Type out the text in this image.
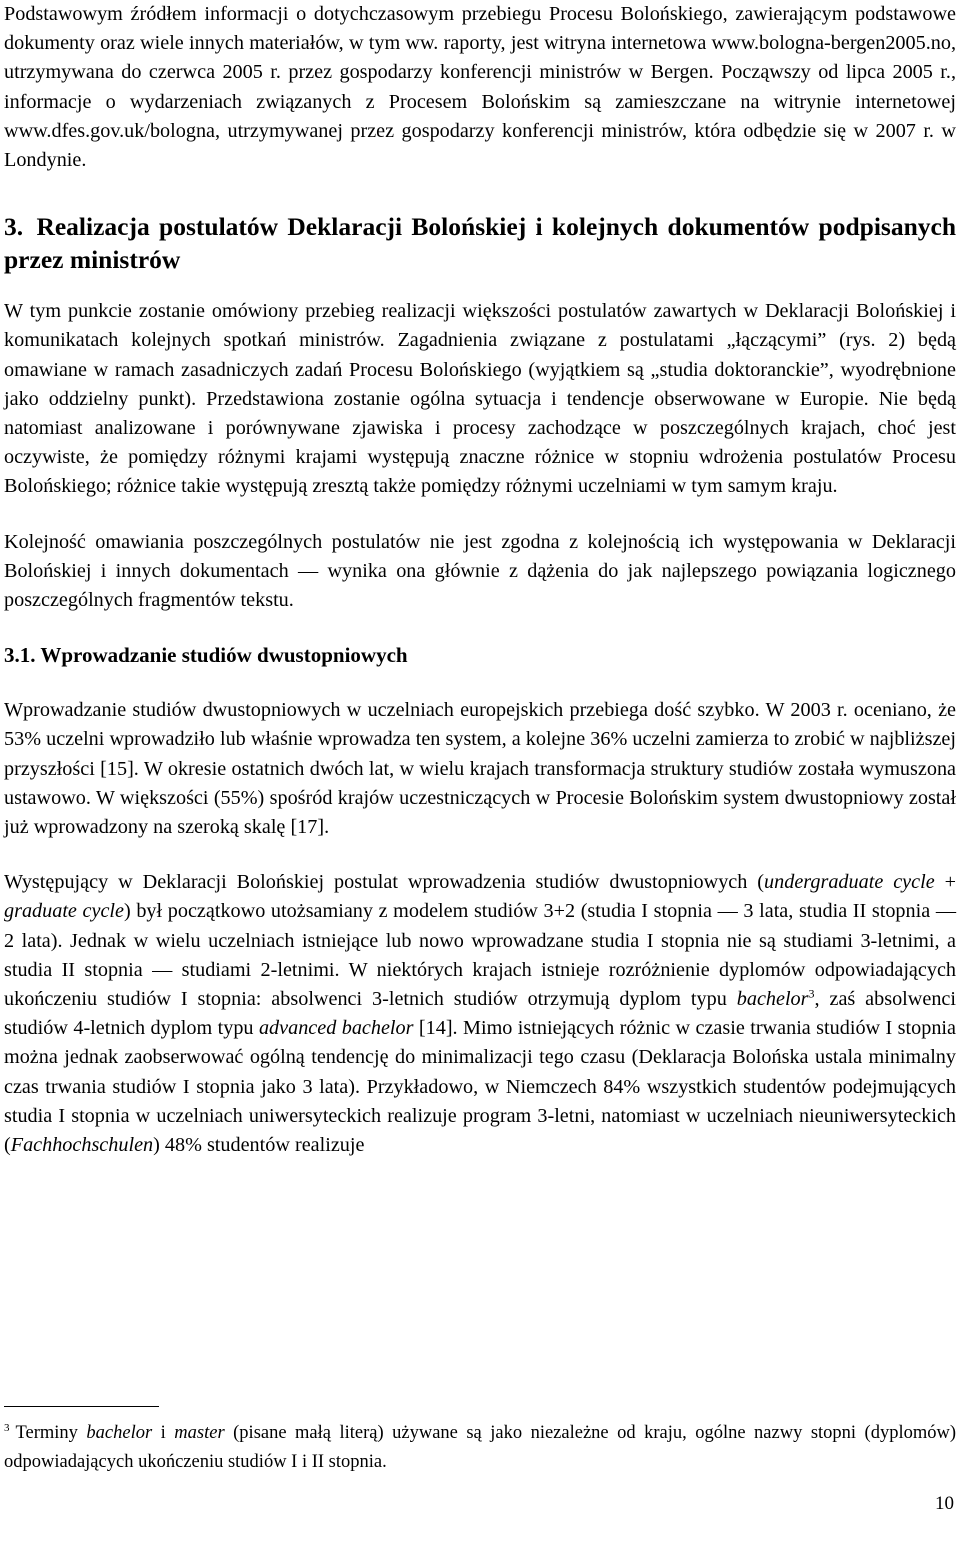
Podstawowym źródłem informacji o dotychczasowym przebiegu Procesu Bolońskiego, zawierającym podstawowe dokumenty oraz wiele innych materiałów, w tym ww. raporty, jest witryna internetowa www.bologna-bergen2005.no, utrzymywana do czerwca 2005 r. przez gospodarzy konferencji ministrów w Bergen. Począwszy od lipca 2005 r., informacje o wydarzeniach związanych z Procesem Bolońskim są zamieszczane na witrynie internetowej www.dfes.gov.uk/bologna, utrzymywanej przez gospodarzy konferencji ministrów, która odbędzie się w 2007 r. w Londynie.

3. Realizacja postulatów Deklaracji Bolońskiej i kolejnych dokumentów podpisanych przez ministrów

W tym punkcie zostanie omówiony przebieg realizacji większości postulatów zawartych w Deklaracji Bolońskiej i komunikatach kolejnych spotkań ministrów. Zagadnienia związane z postulatami „łączącymi” (rys. 2) będą omawiane w ramach zasadniczych zadań Procesu Bolońskiego (wyjątkiem są „studia doktoranckie”, wyodrębnione jako oddzielny punkt). Przedstawiona zostanie ogólna sytuacja i tendencje obserwowane w Europie. Nie będą natomiast analizowane i porównywane zjawiska i procesy zachodzące w poszczególnych krajach, choć jest oczywiste, że pomiędzy różnymi krajami występują znaczne różnice w stopniu wdrożenia postulatów Procesu Bolońskiego; różnice takie występują zresztą także pomiędzy różnymi uczelniami w tym samym kraju.

Kolejność omawiania poszczególnych postulatów nie jest zgodna z kolejnością ich występowania w Deklaracji Bolońskiej i innych dokumentach — wynika ona głównie z dążenia do jak najlepszego powiązania logicznego poszczególnych fragmentów tekstu.

3.1. Wprowadzanie studiów dwustopniowych

Wprowadzanie studiów dwustopniowych w uczelniach europejskich przebiega dość szybko. W 2003 r. oceniano, że 53% uczelni wprowadziło lub właśnie wprowadza ten system, a kolejne 36% uczelni zamierza to zrobić w najbliższej przyszłości [15]. W okresie ostatnich dwóch lat, w wielu krajach transformacja struktury studiów została wymuszona ustawowo. W większości (55%) spośród krajów uczestniczących w Procesie Bolońskim system dwustopniowy został już wprowadzony na szeroką skalę [17].

Występujący w Deklaracji Bolońskiej postulat wprowadzenia studiów dwustopniowych (undergraduate cycle + graduate cycle) był początkowo utożsamiany z modelem studiów 3+2 (studia I stopnia — 3 lata, studia II stopnia — 2 lata). Jednak w wielu uczelniach istniejące lub nowo wprowadzane studia I stopnia nie są studiami 3-letnimi, a studia II stopnia — studiami 2-letnimi. W niektórych krajach istnieje rozróżnienie dyplomów odpowiadających ukończeniu studiów I stopnia: absolwenci 3-letnich studiów otrzymują dyplom typu bachelor$^3$, zaś absolwenci studiów 4-letnich dyplom typu advanced bachelor [14]. Mimo istniejących różnic w czasie trwania studiów I stopnia można jednak zaobserwować ogólną tendencję do minimalizacji tego czasu (Deklaracja Bolońska ustala minimalny czas trwania studiów I stopnia jako 3 lata). Przykładowo, w Niemczech 84% wszystkich studentów podejmujących studia I stopnia w uczelniach uniwersyteckich realizuje program 3-letni, natomiast w uczelniach nieuniwersyteckich (Fachhochschulen) 48% studentów realizuje

$^3$ Terminy bachelor i master (pisane małą literą) używane są jako niezależne od kraju, ogólne nazwy stopni (dyplomów) odpowiadających ukończeniu studiów I i II stopnia.
10
